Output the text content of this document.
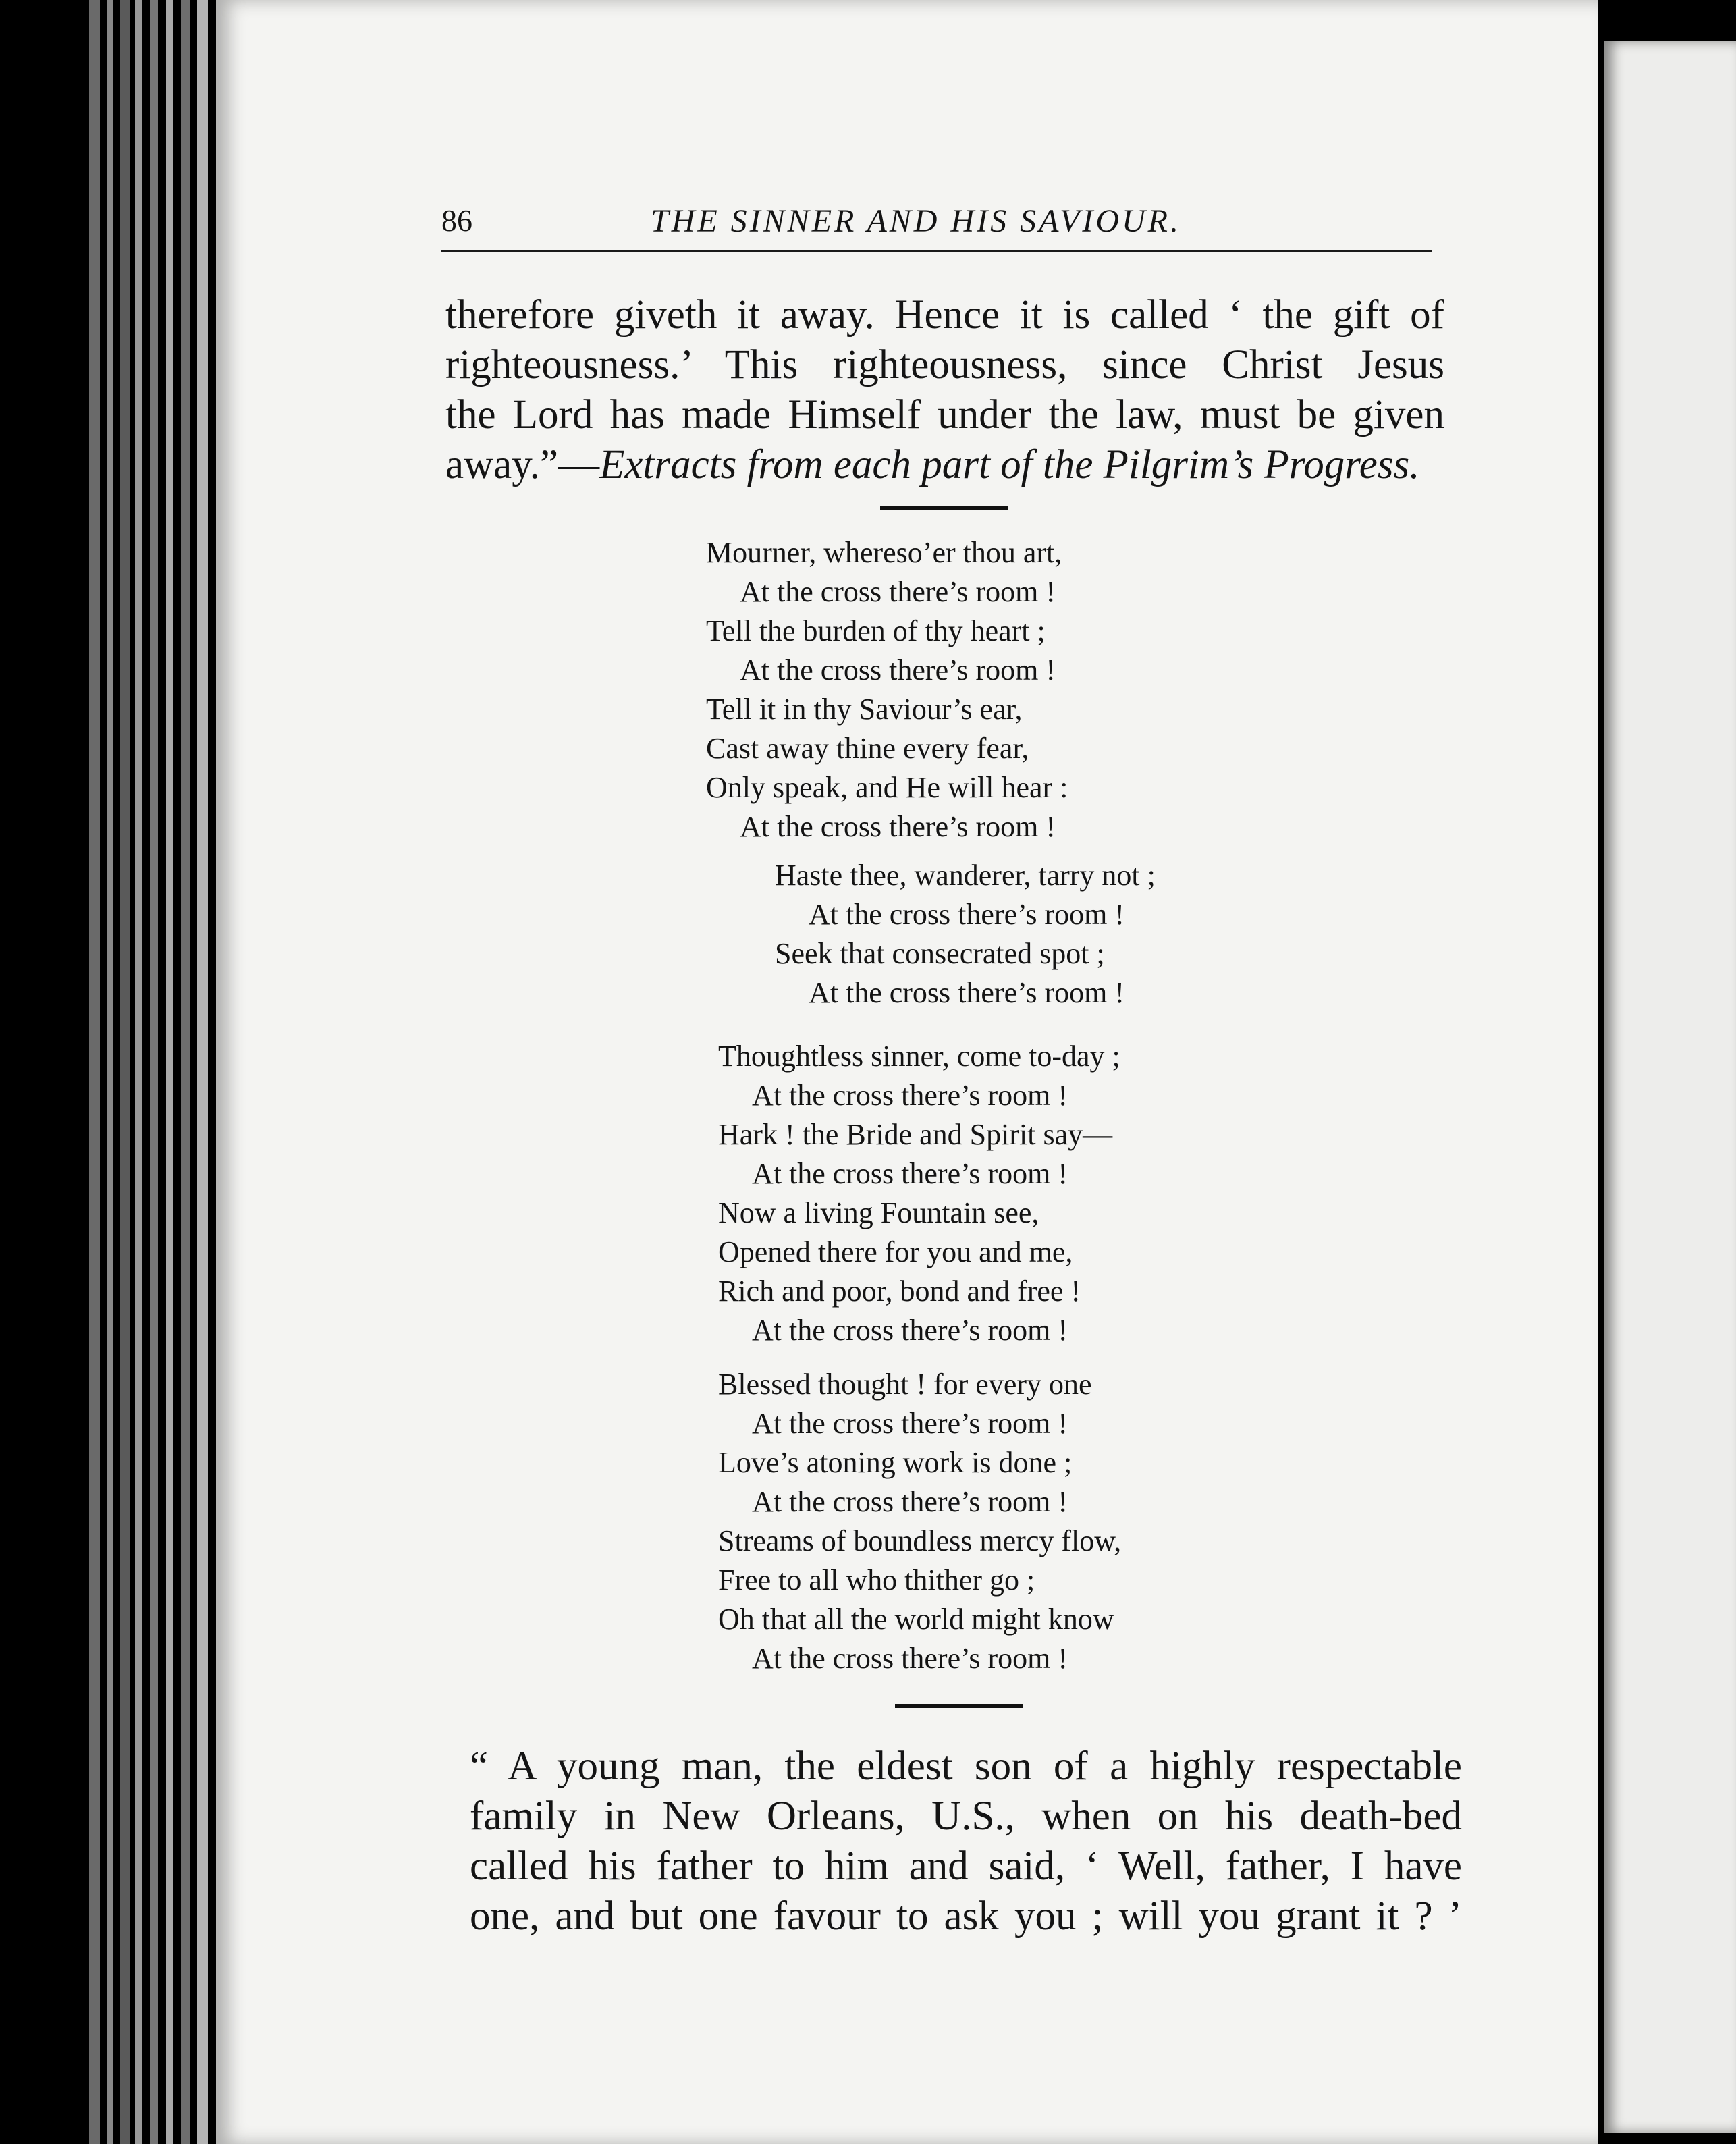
86	THE SINNER AND HIS SAVIOUR.
therefore giveth it away. Hence it is called ‘ the gift of
righteousness.’ This righteousness, since Christ Jesus
the Lord has made Himself under the law, must be given
away.”—Extracts from each part of the Pilgrim’s Progress.
Mourner, whereso’er thou art,
At the cross there’s room !
Tell the burden of thy heart ;
At the cross there’s room !
Tell it in thy Saviour’s ear,
Cast away thine every fear,
Only speak, and He will hear :
At the cross there’s room !
Haste thee, wanderer, tarry not ;
At the cross there’s room !
Seek that consecrated spot ;
At the cross there’s room !
Thoughtless sinner, come to-day ;
At the cross there’s room !
Hark ! the Bride and Spirit say—
At the cross there’s room !
Now a living Fountain see,
Opened there for you and me,
Rich and poor, bond and free !
At the cross there’s room !
Blessed thought ! for every one
At the cross there’s room !
Love’s atoning work is done ;
At the cross there’s room !
Streams of boundless mercy flow,
Free to all who thither go ;
Oh that all the world might know
At the cross there’s room !
“ A young man, the eldest son of a highly respectable
family in New Orleans, U.S., when on his death-bed
called his father to him and said, ‘ Well, father, I have
one, and but one favour to ask you ; will you grant it ? ’
